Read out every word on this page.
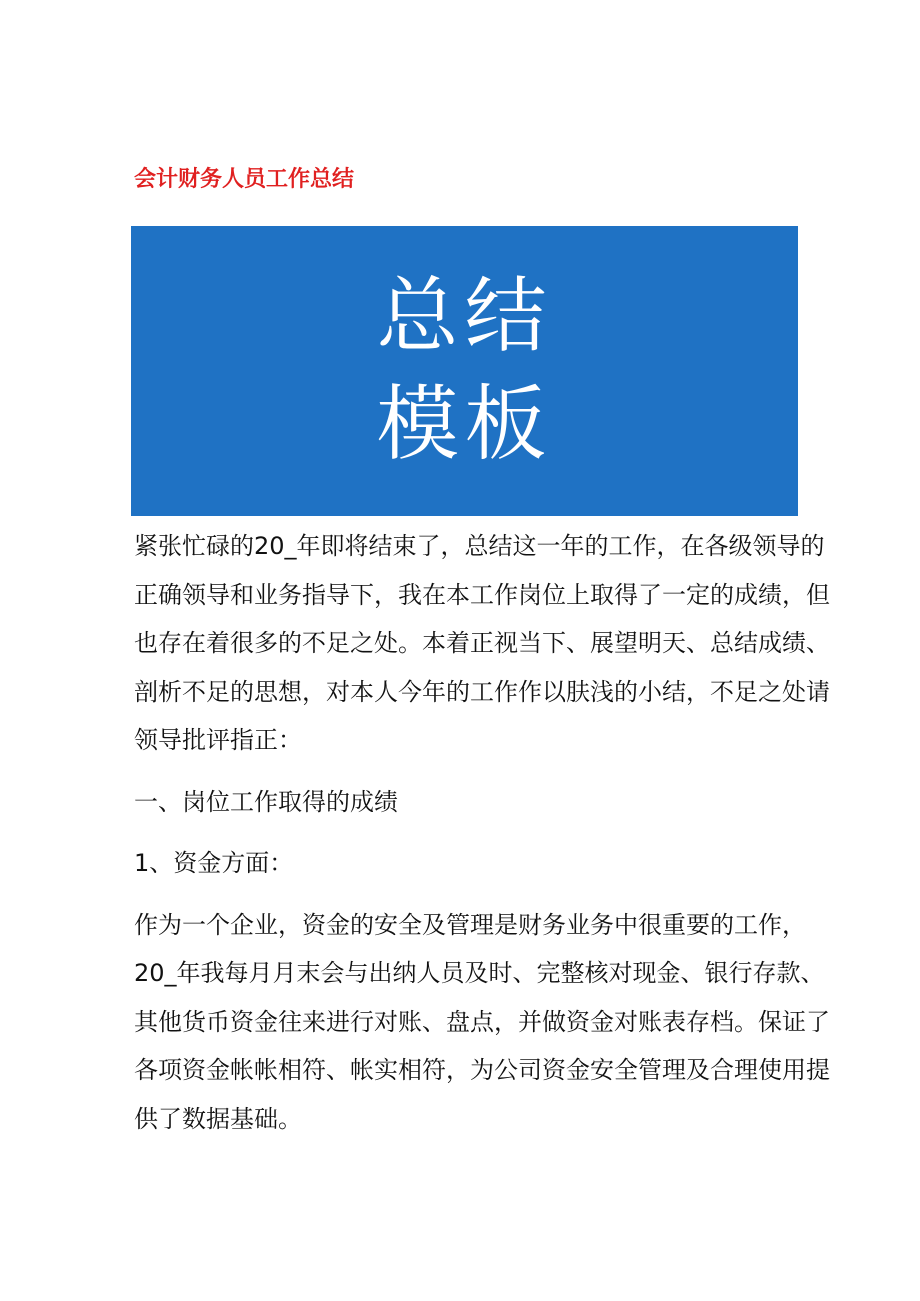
会计财务人员工作总结
总结
模板

紧张忙碌的20_年即将结束了，总结这一年的工作，在各级领导的

正确领导和业务指导下，我在本工作岗位上取得了一定的成绩，但

也存在着很多的不足之处。本着正视当下、展望明天、总结成绩、

剖析不足的思想，对本人今年的工作作以肤浅的小结，不足之处请

领导批评指正：

一、岗位工作取得的成绩

1、资金方面：

作为一个企业，资金的安全及管理是财务业务中很重要的工作，

20_年我每月月末会与出纳人员及时、完整核对现金、银行存款、

其他货币资金往来进行对账、盘点，并做资金对账表存档。保证了

各项资金帐帐相符、帐实相符，为公司资金安全管理及合理使用提

供了数据基础。
